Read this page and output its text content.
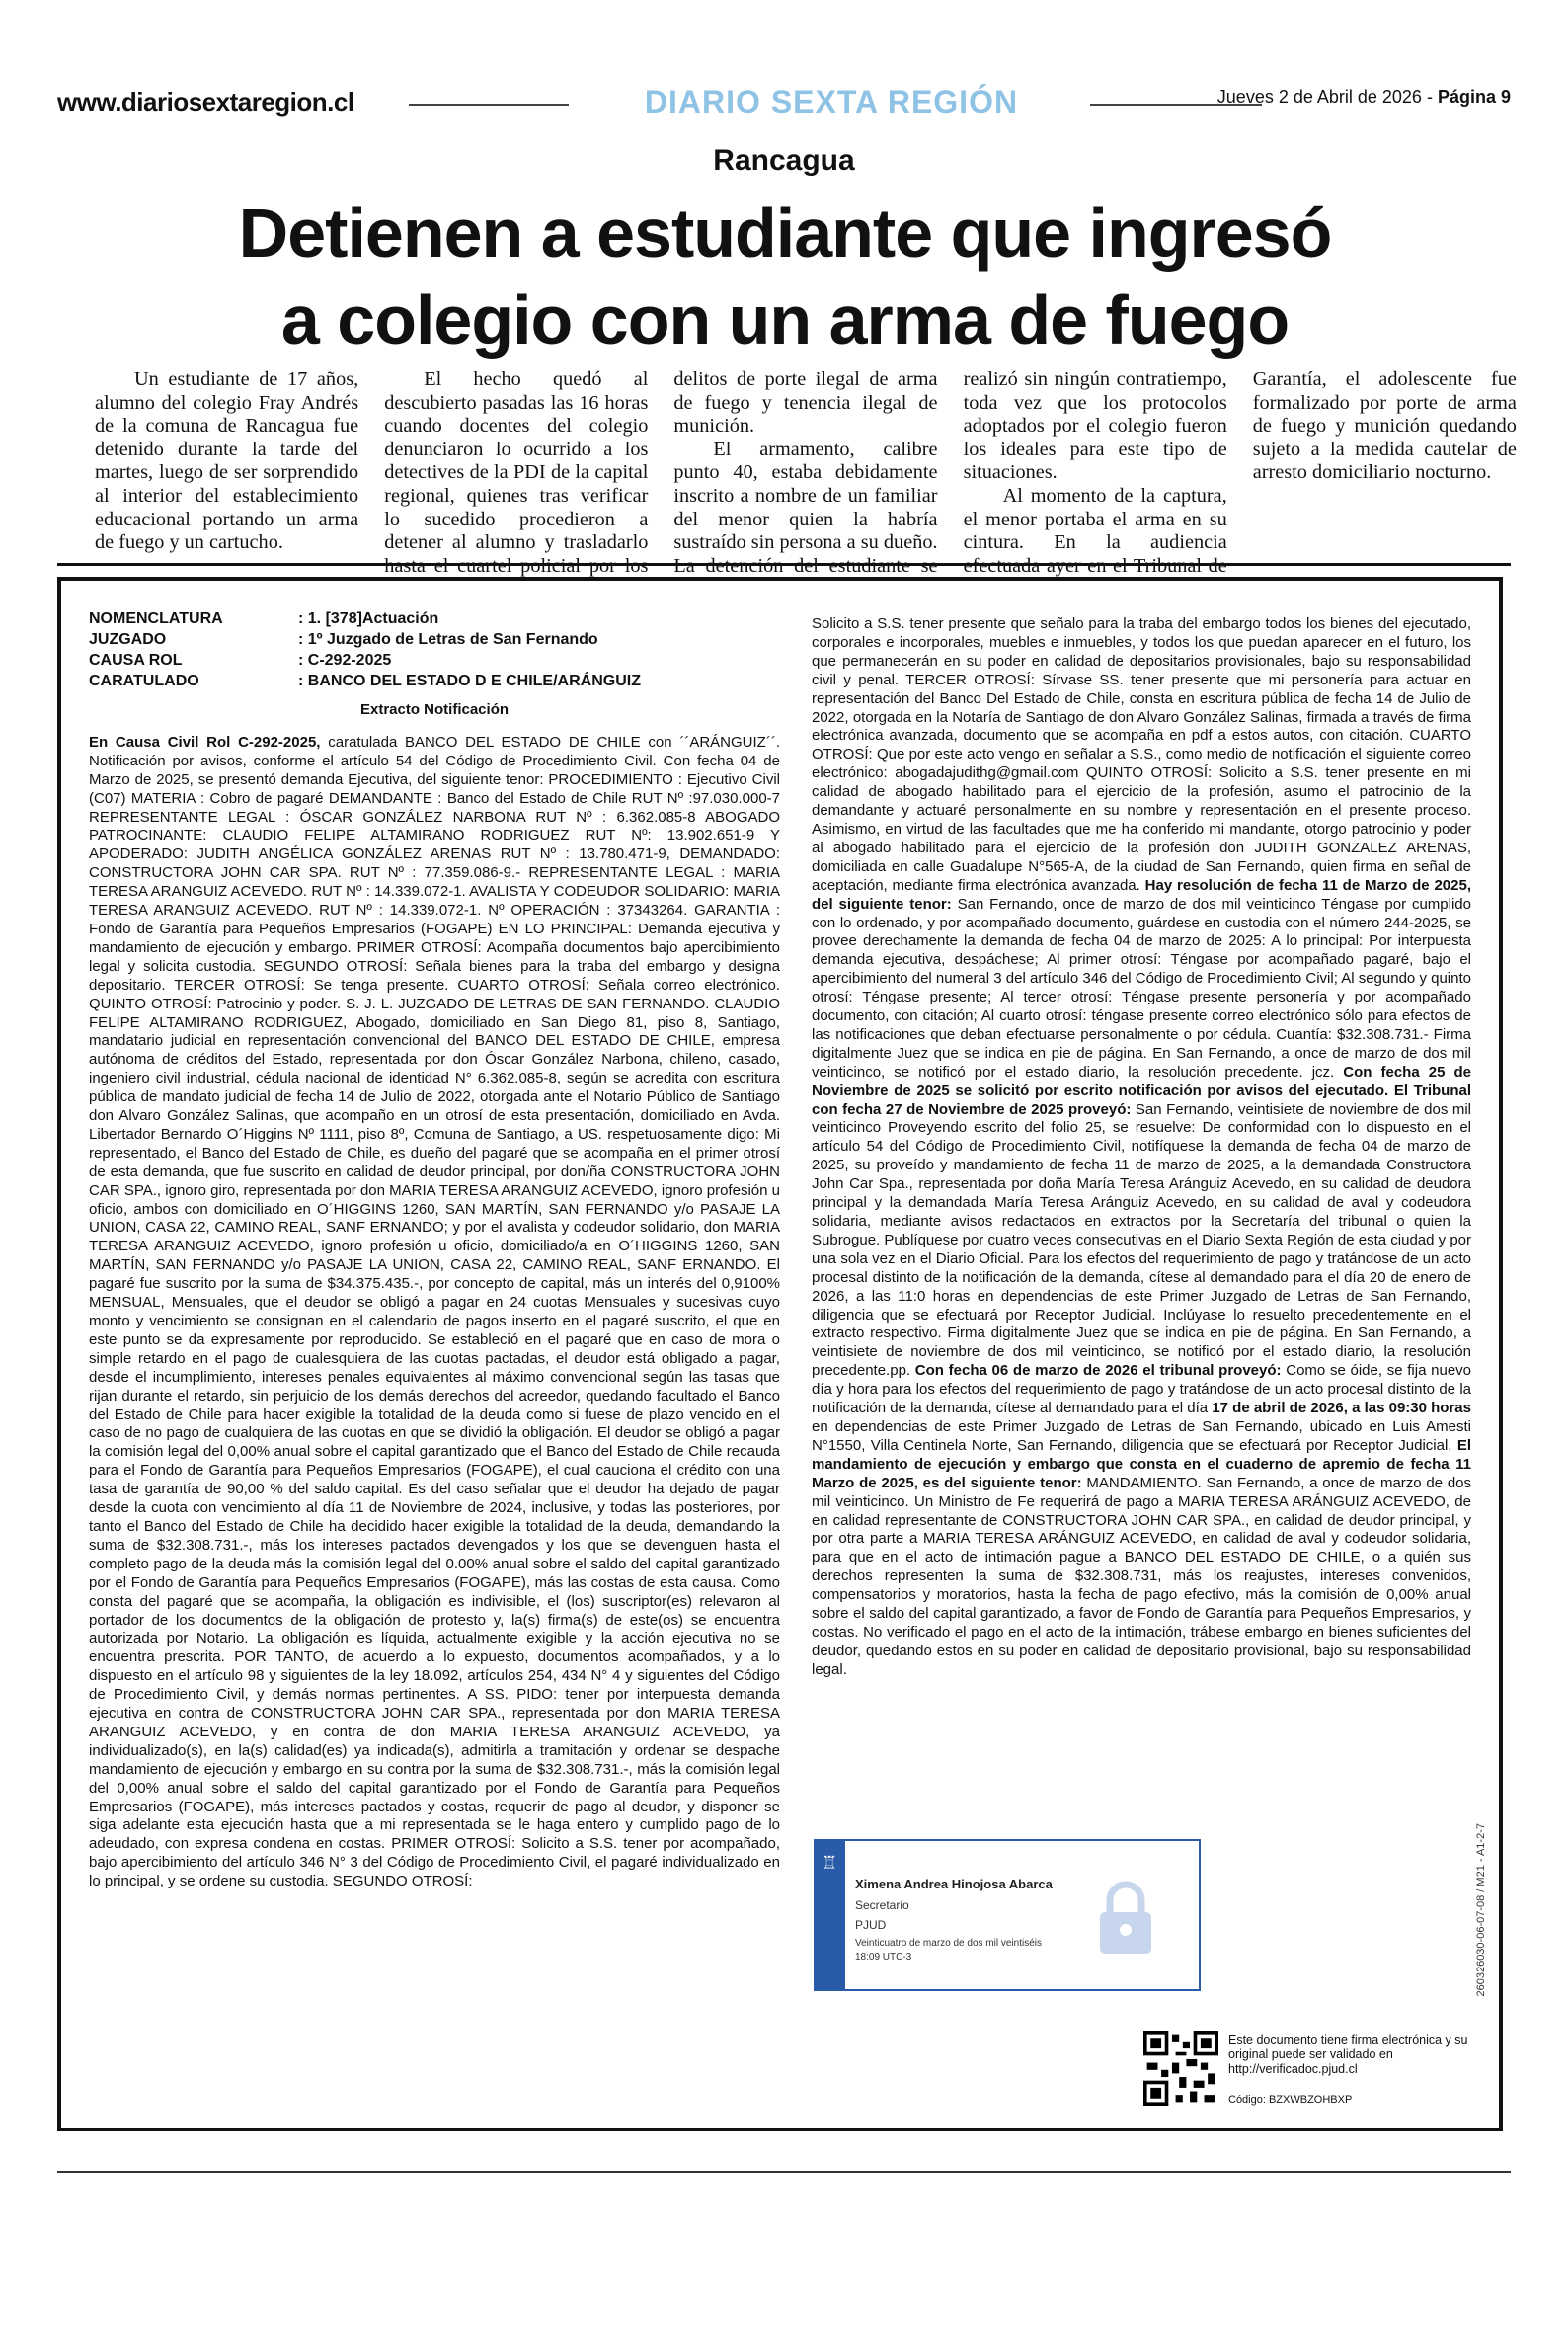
www.diariosextaregion.cl	DIARIO SEXTA REGIÓN	Jueves 2 de Abril de 2026 - Página 9
Rancagua
Detienen a estudiante que ingresó
a colegio con un arma de fuego

Un estudiante de 17 años, alumno del colegio Fray Andrés de la comuna de Rancagua fue detenido durante la tarde del martes, luego de ser sorprendido al interior del establecimiento educacional portando un arma de fuego y un cartucho.

El hecho quedó al descubierto pasadas las 16 horas cuando docentes del colegio denunciaron lo ocurrido a los detectives de la PDI de la capital regional, quienes tras verificar lo sucedido procedieron a detener al alumno y trasladarlo delitos de porte ilegal de arma de fuego y tenencia ilegal de munición.

El armamento, calibre punto 40, estaba debidamente inscrito a nombre de un familiar del menor quien la habría sustraído sin persona a su dueño. realizó sin ningún contratiempo, toda vez que los protocolos adoptados por el colegio fueron los ideales para este tipo de situaciones.

Al momento de la captura, el menor portaba el arma en su cintura. En la audiencia Garantía, el adolescente fue formalizado por porte de arma de fuego y munición quedando sujeto a la medida cautelar de arresto domiciliario nocturno.

NOMENCLATURA	: 1. [378]Actuación
JUZGADO	: 1º Juzgado de Letras de San Fernando
CAUSA ROL	: C-292-2025
CARATULADO	: BANCO DEL ESTADO D E CHILE/ARÁNGUIZ
Extracto Notificación

En Causa Civil Rol C-292-2025, caratulada BANCO DEL ESTADO DE CHILE con ´´ARÁNGUIZ´´. Notificación por avisos, conforme el artículo 54 del Código de Procedimiento Civil. Con fecha 04 de Marzo de 2025, se presentó demanda Ejecutiva, del siguiente tenor: PROCEDIMIENTO : Ejecutivo Civil (C07) MATERIA : Cobro de pagaré DEMANDANTE : Banco del Estado de Chile RUT Nº :97.030.000-7 REPRESENTANTE LEGAL : ÓSCAR GONZÁLEZ NARBONA RUT Nº : 6.362.085-8 ABOGADO PATROCINANTE: CLAUDIO FELIPE ALTAMIRANO RODRIGUEZ RUT Nº: 13.902.651-9 Y APODERADO: JUDITH ANGÉLICA GONZÁLEZ ARENAS RUT Nº : 13.780.471-9, DEMANDADO: CONSTRUCTORA JOHN CAR SPA. RUT Nº : 77.359.086-9.- REPRESENTANTE LEGAL : MARIA TERESA ARANGUIZ ACEVEDO. RUT Nº : 14.339.072-1. AVALISTA Y CODEUDOR SOLIDARIO: MARIA TERESA ARANGUIZ ACEVEDO. RUT Nº : 14.339.072-1. Nº OPERACIÓN : 37343264. GARANTIA : Fondo de Garantía para Pequeños Empresarios (FOGAPE) EN LO PRINCIPAL: Demanda ejecutiva y mandamiento de ejecución y embargo. PRIMER OTROSÍ: Acompaña documentos bajo apercibimiento legal y solicita custodia. SEGUNDO OTROSÍ: Señala bienes para la traba del embargo y designa depositario. TERCER OTROSÍ: Se tenga presente. CUARTO OTROSÍ: Señala correo electrónico. QUINTO OTROSÍ: Patrocinio y poder. S. J. L. JUZGADO DE LETRAS DE SAN FERNANDO. CLAUDIO FELIPE ALTAMIRANO RODRIGUEZ, Abogado, domiciliado en San Diego 81, piso 8, Santiago, mandatario judicial en representación convencional del BANCO DEL ESTADO DE CHILE, empresa autónoma de créditos del Estado, representada por don Óscar González Narbona, chileno, casado, ingeniero civil industrial, cédula nacional de identidad N° 6.362.085-8, según se acredita con escritura pública de mandato judicial de fecha 14 de Julio de 2022, otorgada ante el Notario Público de Santiago don Alvaro González Salinas, que acompaño en un otrosí de esta presentación, domiciliado en Avda. Libertador Bernardo O´Higgins Nº 1111, piso 8º, Comuna de Santiago, a US. respetuosamente digo: Mi representado, el Banco del Estado de Chile, es dueño del pagaré que se acompaña en el primer otrosí de esta demanda, que fue suscrito en calidad de deudor principal, por don/ña CONSTRUCTORA JOHN CAR SPA., ignoro giro, representada por don MARIA TERESA ARANGUIZ ACEVEDO, ignoro profesión u oficio, ambos con domiciliado en O´HIGGINS 1260, SAN MARTÍN, SAN FERNANDO y/o PASAJE LA UNION, CASA 22, CAMINO REAL, SANF ERNANDO; y por el avalista y codeudor solidario, don MARIA TERESA ARANGUIZ ACEVEDO, ignoro profesión u oficio, domiciliado/a en O´HIGGINS 1260, SAN MARTÍN, SAN FERNANDO y/o PASAJE LA UNION, CASA 22, CAMINO REAL, SANF ERNANDO. El pagaré fue suscrito por la suma de $34.375.435.-, por concepto de capital, más un interés del 0,9100% MENSUAL, Mensuales, que el deudor se obligó a pagar en 24 cuotas Mensuales y sucesivas cuyo monto y vencimiento se consignan en el calendario de pagos inserto en el pagaré suscrito, el que en este punto se da expresamente por reproducido. Se estableció en el pagaré que en caso de mora o simple retardo en el pago de cualesquiera de las cuotas pactadas, el deudor está obligado a pagar, desde el incumplimiento, intereses penales equivalentes al máximo convencional según las tasas que rijan durante el retardo, sin perjuicio de los demás derechos del acreedor, quedando facultado el Banco del Estado de Chile para hacer exigible la totalidad de la deuda como si fuese de plazo vencido en el caso de no pago de cualquiera de las cuotas en que se dividió la obligación. El deudor se obligó a pagar la comisión legal del 0,00% anual sobre el capital garantizado que el Banco del Estado de Chile recauda para el Fondo de Garantía para Pequeños Empresarios (FOGAPE), el cual cauciona el crédito con una tasa de garantía de 90,00 % del saldo capital. Es del caso señalar que el deudor ha dejado de pagar desde la cuota con vencimiento al día 11 de Noviembre de 2024, inclusive, y todas las posteriores, por tanto el Banco del Estado de Chile ha decidido hacer exigible la totalidad de la deuda, demandando la suma de $32.308.731.-, más los intereses pactados devengados y los que se devenguen hasta el completo pago de la deuda más la comisión legal del 0.00% anual sobre el saldo del capital garantizado por el Fondo de Garantía para Pequeños Empresarios (FOGAPE), más las costas de esta causa. Como consta del pagaré que se acompaña, la obligación es indivisible, el (los) suscriptor(es) relevaron al portador de los documentos de la obligación de protesto y, la(s) firma(s) de este(os) se encuentra autorizada por Notario. La obligación es líquida, actualmente exigible y la acción ejecutiva no se encuentra prescrita. POR TANTO, de acuerdo a lo expuesto, documentos acompañados, y a lo dispuesto en el artículo 98 y siguientes de la ley 18.092, artículos 254, 434 N° 4 y siguientes del Código de Procedimiento Civil, y demás normas pertinentes. A SS. PIDO: tener por interpuesta demanda ejecutiva en contra de CONSTRUCTORA JOHN CAR SPA., representada por don MARIA TERESA ARANGUIZ ACEVEDO, y en contra de don MARIA TERESA ARANGUIZ ACEVEDO, ya individualizado(s), en la(s) calidad(es) ya indicada(s), admitirla a tramitación y ordenar se despache mandamiento de ejecución y embargo en su contra por la suma de $32.308.731.-, más la comisión legal del 0,00% anual sobre el saldo del capital garantizado por el Fondo de Garantía para Pequeños Empresarios (FOGAPE), más intereses pactados y costas, requerir de pago al deudor, y disponer se siga adelante esta ejecución hasta que a mi representada se le haga entero y cumplido pago de lo adeudado, con expresa condena en costas. PRIMER OTROSÍ: Solicito a S.S. tener por acompañado, bajo apercibimiento del artículo 346 N° 3 del Código de Procedimiento Civil, el pagaré individualizado en lo principal, y se ordene su custodia. SEGUNDO OTROSÍ:

Solicito a S.S. tener presente que señalo para la traba del embargo todos los bienes del ejecutado, corporales e incorporales, muebles e inmuebles, y todos los que puedan aparecer en el futuro, los que permanecerán en su poder en calidad de depositarios provisionales, bajo su responsabilidad civil y penal. TERCER OTROSÍ: Sírvase SS. tener presente que mi personería para actuar en representación del Banco Del Estado de Chile, consta en escritura pública de fecha 14 de Julio de 2022, otorgada en la Notaría de Santiago de don Alvaro González Salinas, firmada a través de firma electrónica avanzada, documento que se acompaña en pdf a estos autos, con citación. CUARTO OTROSÍ: Que por este acto vengo en señalar a S.S., como medio de notificación el siguiente correo electrónico: abogadajudithg@gmail.com QUINTO OTROSÍ: Solicito a S.S. tener presente en mi calidad de abogado habilitado para el ejercicio de la profesión, asumo el patrocinio de la demandante y actuaré personalmente en su nombre y representación en el presente proceso. Asimismo, en virtud de las facultades que me ha conferido mi mandante, otorgo patrocinio y poder al abogado habilitado para el ejercicio de la profesión don JUDITH GONZALEZ ARENAS, domiciliada en calle Guadalupe N°565-A, de la ciudad de San Fernando, quien firma en señal de aceptación, mediante firma electrónica avanzada. Hay resolución de fecha 11 de Marzo de 2025, del siguiente tenor: San Fernando, once de marzo de dos mil veinticinco Téngase por cumplido con lo ordenado, y por acompañado documento, guárdese en custodia con el número 244-2025, se provee derechamente la demanda de fecha 04 de marzo de 2025: A lo principal: Por interpuesta demanda ejecutiva, despáchese; Al primer otrosí: Téngase por acompañado pagaré, bajo el apercibimiento del numeral 3 del artículo 346 del Código de Procedimiento Civil; Al segundo y quinto otrosí: Téngase presente; Al tercer otrosí: Téngase presente personería y por acompañado documento, con citación; Al cuarto otrosí: téngase presente correo electrónico sólo para efectos de las notificaciones que deban efectuarse personalmente o por cédula. Cuantía: $32.308.731.- Firma digitalmente Juez que se indica en pie de página. En San Fernando, a once de marzo de dos mil veinticinco, se notificó por el estado diario, la resolución precedente. jcz. Con fecha 25 de Noviembre de 2025 se solicitó por escrito notificación por avisos del ejecutado. El Tribunal con fecha 27 de Noviembre de 2025 proveyó: San Fernando, veintisiete de noviembre de dos mil veinticinco Proveyendo escrito del folio 25, se resuelve: De conformidad con lo dispuesto en el artículo 54 del Código de Procedimiento Civil, notifíquese la demanda de fecha 04 de marzo de 2025, su proveído y mandamiento de fecha 11 de marzo de 2025, a la demandada Constructora John Car Spa., representada por doña María Teresa Aránguiz Acevedo, en su calidad de deudora principal y la demandada María Teresa Aránguiz Acevedo, en su calidad de aval y codeudora solidaria, mediante avisos redactados en extractos por la Secretaría del tribunal o quien la Subrogue. Publíquese por cuatro veces consecutivas en el Diario Sexta Región de esta ciudad y por una sola vez en el Diario Oficial. Para los efectos del requerimiento de pago y tratándose de un acto procesal distinto de la notificación de la demanda, cítese al demandado para el día 20 de enero de 2026, a las 11:0 horas en dependencias de este Primer Juzgado de Letras de San Fernando, diligencia que se efectuará por Receptor Judicial. Inclúyase lo resuelto precedentemente en el extracto respectivo. Firma digitalmente Juez que se indica en pie de página. En San Fernando, a veintisiete de noviembre de dos mil veinticinco, se notificó por el estado diario, la resolución precedente.pp. Con fecha 06 de marzo de 2026 el tribunal proveyó: Como se óide, se fija nuevo día y hora para los efectos del requerimiento de pago y tratándose de un acto procesal distinto de la notificación de la demanda, cítese al demandado para el día 17 de abril de 2026, a las 09:30 horas en dependencias de este Primer Juzgado de Letras de San Fernando, ubicado en Luis Amesti N°1550, Villa Centinela Norte, San Fernando, diligencia que se efectuará por Receptor Judicial. El mandamiento de ejecución y embargo que consta en el cuaderno de apremio de fecha 11 Marzo de 2025, es del siguiente tenor: MANDAMIENTO. San Fernando, a once de marzo de dos mil veinticinco. Un Ministro de Fe requerirá de pago a MARIA TERESA ARÁNGUIZ ACEVEDO, de en calidad representante de CONSTRUCTORA JOHN CAR SPA., en calidad de deudor principal, y por otra parte a MARIA TERESA ARÁNGUIZ ACEVEDO, en calidad de aval y codeudor solidaria, para que en el acto de intimación pague a BANCO DEL ESTADO DE CHILE, o a quién sus derechos representen la suma de $32.308.731, más los reajustes, intereses convenidos, compensatorios y moratorios, hasta la fecha de pago efectivo, más la comisión de 0,00% anual sobre el saldo del capital garantizado, a favor de Fondo de Garantía para Pequeños Empresarios, y costas. No verificado el pago en el acto de la intimación, trábese embargo en bienes suficientes del deudor, quedando estos en su poder en calidad de depositario provisional, bajo su responsabilidad legal.

♖
Ximena Andrea Hinojosa Abarca
Secretario
PJUD
Veinticuatro de marzo de dos mil veintiséis
18:09 UTC-3	260326030-06-07-08 / M21 - A1-2-7
Este documento tiene firma electrónica y su original puede ser validado en http://verificadoc.pjud.cl
Código: BZXWBZOHBXP
